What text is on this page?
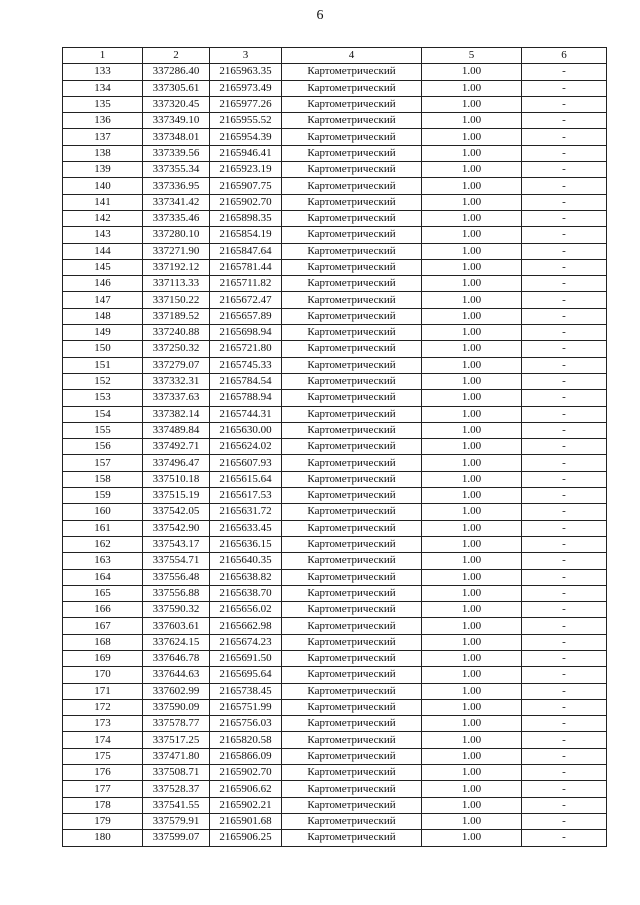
6
1	2	3	4	5	6
133	337286.40	2165963.35	Картометрический	1.00	-
134	337305.61	2165973.49	Картометрический	1.00	-
135	337320.45	2165977.26	Картометрический	1.00	-
136	337349.10	2165955.52	Картометрический	1.00	-
137	337348.01	2165954.39	Картометрический	1.00	-
138	337339.56	2165946.41	Картометрический	1.00	-
139	337355.34	2165923.19	Картометрический	1.00	-
140	337336.95	2165907.75	Картометрический	1.00	-
141	337341.42	2165902.70	Картометрический	1.00	-
142	337335.46	2165898.35	Картометрический	1.00	-
143	337280.10	2165854.19	Картометрический	1.00	-
144	337271.90	2165847.64	Картометрический	1.00	-
145	337192.12	2165781.44	Картометрический	1.00	-
146	337113.33	2165711.82	Картометрический	1.00	-
147	337150.22	2165672.47	Картометрический	1.00	-
148	337189.52	2165657.89	Картометрический	1.00	-
149	337240.88	2165698.94	Картометрический	1.00	-
150	337250.32	2165721.80	Картометрический	1.00	-
151	337279.07	2165745.33	Картометрический	1.00	-
152	337332.31	2165784.54	Картометрический	1.00	-
153	337337.63	2165788.94	Картометрический	1.00	-
154	337382.14	2165744.31	Картометрический	1.00	-
155	337489.84	2165630.00	Картометрический	1.00	-
156	337492.71	2165624.02	Картометрический	1.00	-
157	337496.47	2165607.93	Картометрический	1.00	-
158	337510.18	2165615.64	Картометрический	1.00	-
159	337515.19	2165617.53	Картометрический	1.00	-
160	337542.05	2165631.72	Картометрический	1.00	-
161	337542.90	2165633.45	Картометрический	1.00	-
162	337543.17	2165636.15	Картометрический	1.00	-
163	337554.71	2165640.35	Картометрический	1.00	-
164	337556.48	2165638.82	Картометрический	1.00	-
165	337556.88	2165638.70	Картометрический	1.00	-
166	337590.32	2165656.02	Картометрический	1.00	-
167	337603.61	2165662.98	Картометрический	1.00	-
168	337624.15	2165674.23	Картометрический	1.00	-
169	337646.78	2165691.50	Картометрический	1.00	-
170	337644.63	2165695.64	Картометрический	1.00	-
171	337602.99	2165738.45	Картометрический	1.00	-
172	337590.09	2165751.99	Картометрический	1.00	-
173	337578.77	2165756.03	Картометрический	1.00	-
174	337517.25	2165820.58	Картометрический	1.00	-
175	337471.80	2165866.09	Картометрический	1.00	-
176	337508.71	2165902.70	Картометрический	1.00	-
177	337528.37	2165906.62	Картометрический	1.00	-
178	337541.55	2165902.21	Картометрический	1.00	-
179	337579.91	2165901.68	Картометрический	1.00	-
180	337599.07	2165906.25	Картометрический	1.00	-
